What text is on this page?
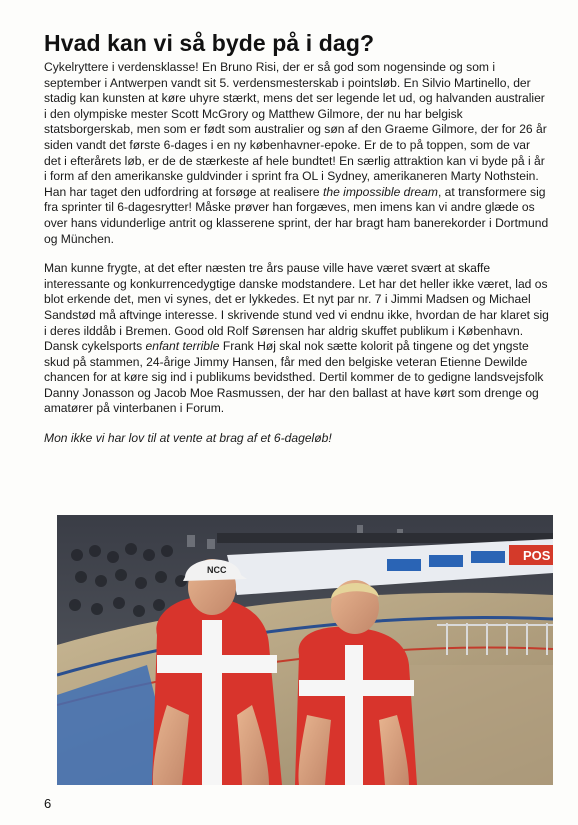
Hvad kan vi så byde på i dag?

Cykelryttere i verdensklasse! En Bruno Risi, der er så god som nogensinde og som i september i Antwerpen vandt sit 5. verdensmesterskab i pointsløb. En Silvio Martinello, der stadig kan kunsten at køre uhyre stærkt, mens det ser legende let ud, og halvanden australier i den olympiske mester Scott McGrory og Matthew Gilmore, der nu har belgisk statsborgerskab, men som er født som australier og søn af den Graeme Gilmore, der for 26 år siden vandt det første 6-dages i en ny københavner-epoke. Er de to på toppen, som de var det i efterårets løb, er de de stærkeste af hele bundtet! En særlig attraktion kan vi byde på i år i form af den amerikanske guldvinder i sprint fra OL i Sydney, amerikaneren Marty Nothstein. Han har taget den udfordring at forsøge at realisere the impossible dream, at transformere sig fra sprinter til 6-dagesrytter! Måske prøver han forgæves, men imens kan vi andre glæde os over hans vidunderlige antrit og klasserene sprint, der har bragt ham banerekorder i Dortmund og München.

Man kunne frygte, at det efter næsten tre års pause ville have været svært at skaffe interessante og konkurrencedygtige danske modstandere. Let har det heller ikke været, lad os blot erkende det, men vi synes, det er lykkedes. Et nyt par nr. 7 i Jimmi Madsen og Michael Sandstød må aftvinge interesse. I skrivende stund ved vi endnu ikke, hvordan de har klaret sig i deres ilddåb i Bremen. Good old Rolf Sørensen har aldrig skuffet publikum i København. Dansk cykelsports enfant terrible Frank Høj skal nok sætte kolorit på tingene og det yngste skud på stammen, 24-årige Jimmy Hansen, får med den belgiske veteran Etienne Dewilde chancen for at køre sig ind i publikums bevidsthed. Dertil kommer de to gedigne landsvejsfolk Danny Jonasson og Jacob Moe Rasmussen, der har den ballast at have kørt som drenge og amatører på vinterbanen i Forum.

Mon ikke vi har lov til at vente at brag af et 6-dageløb!

POS
NCC
6
